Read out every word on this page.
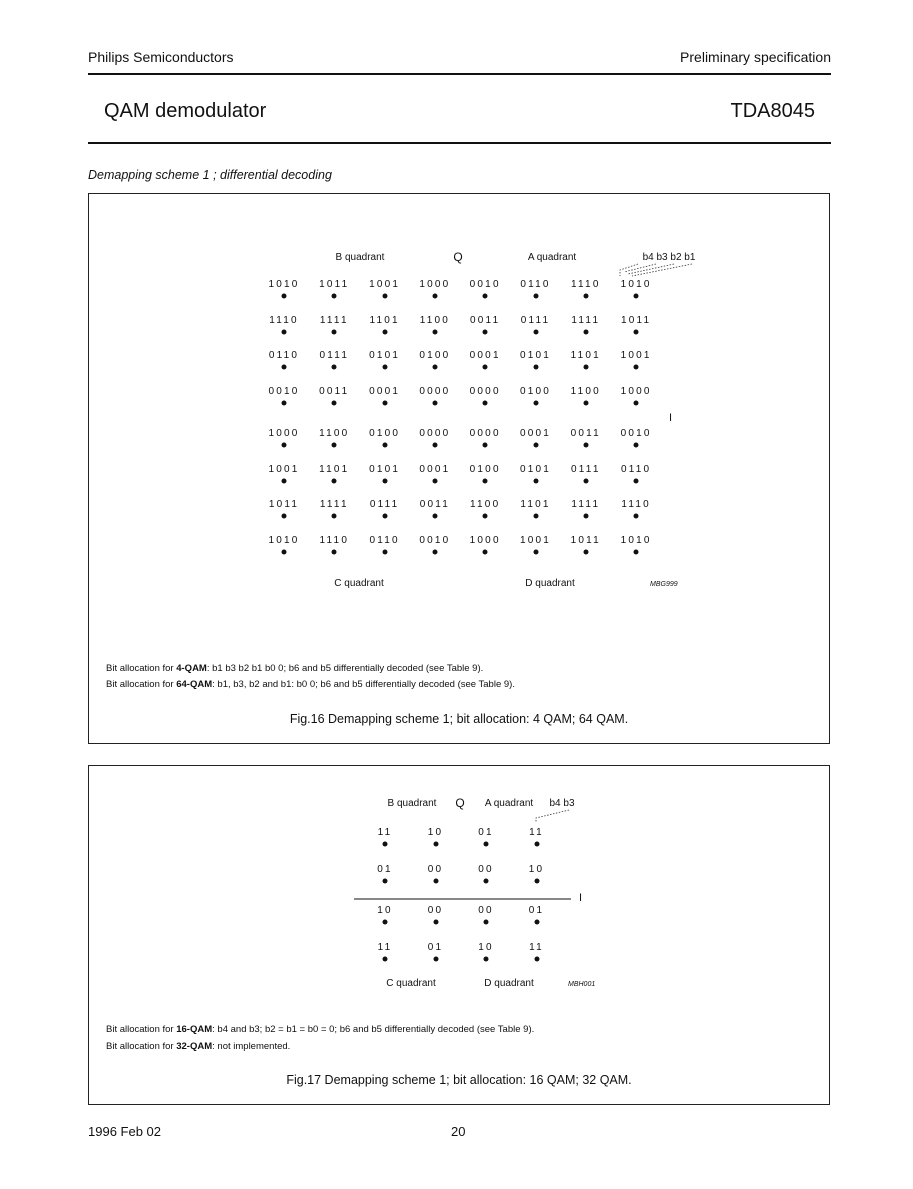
Philips Semiconductors	Preliminary specification
QAM demodulator	TDA8045
Demapping scheme 1 ; differential decoding
B quadrant	Q	A quadrant	b4 b3 b2 b1
1010 1011 1001 1000 0010 0110 1110 1010
1110 1111 1101 1100 0011 0111 1111 1011
0110 0111 0101 0100 0001 0101 1101 1001
0010 0011 0001 0000 0000 0100 1100 1000
1000 1100 0100 0000 0000 0001 0011 0010
1001 1101 0101 0001 0100 0101 0111 0110
1011 1111 0111 0011 1100 1101 1111 1110
1010 1110 0110 0010 1000 1001 1011 1010
I
C quadrant	D quadrant	MBG999
Bit allocation for 4-QAM: b1 b3 b2 b1 b0 0; b6 and b5 differentially decoded (see Table 9).
Bit allocation for 64-QAM: b1, b3, b2 and b1: b0 0; b6 and b5 differentially decoded (see Table 9).
Fig.16 Demapping scheme 1; bit allocation: 4 QAM; 64 QAM.
B quadrant Q A quadrant b4 b3
11	10	01	11
01	00	00	10
10	00	00	01
11	01	10	11
I
C quadrant	D quadrant	MBH001
Bit allocation for 16-QAM: b4 and b3; b2 = b1 = b0 = 0; b6 and b5 differentially decoded (see Table 9).
Bit allocation for 32-QAM: not implemented.
Fig.17 Demapping scheme 1; bit allocation: 16 QAM; 32 QAM.
1996 Feb 02	20
